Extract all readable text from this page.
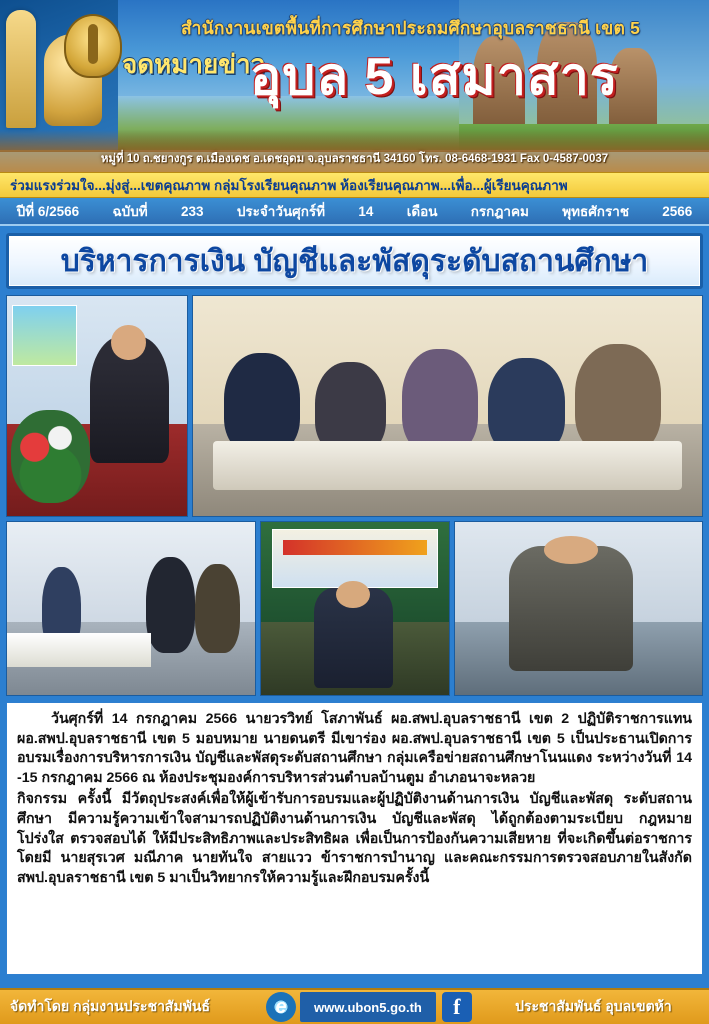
สำนักงานเขตพื้นที่การศึกษาประถมศึกษาอุบลราชธานี เขต 5
จดหมายข่าว
อุบล 5 เสมาสาร
หมู่ที่ 10 ถ.ชยางกูร ต.เมืองเดช อ.เดชอุดม จ.อุบลราชธานี 34160 โทร. 08-6468-1931 Fax 0-4587-0037
ร่วมแรงร่วมใจ...มุ่งสู่...เขตคุณภาพ กลุ่มโรงเรียนคุณภาพ ห้องเรียนคุณภาพ...เพื่อ...ผู้เรียนคุณภาพ
ปีที่ 6/2566 ฉบับที่ 233 ประจำวันศุกร์ที่ 14 เดือน กรกฎาคม พุทธศักราช 2566
บริหารการเงิน บัญชีและพัสดุระดับสถานศึกษา

วันศุกร์ที่ 14 กรกฎาคม 2566 นายวรวิทย์ โสภาพันธ์ ผอ.สพป.อุบลราชธานี เขต 2 ปฏิบัติราชการแทน ผอ.สพป.อุบลราชธานี เขต 5 มอบหมาย นายดนตรี มีเขาร่อง ผอ.สพป.อุบลราชธานี เขต 5 เป็นประธานเปิดการอบรมเรื่องการบริหารการเงิน บัญชีและพัสดุระดับสถานศึกษา กลุ่มเครือข่ายสถานศึกษาโนนแดง ระหว่างวันที่ 14 -15 กรกฎาคม 2566 ณ ห้องประชุมองค์การบริหารส่วนตำบลบ้านตูม อำเภอนาจะหลวย

กิจกรรม ครั้งนี้ มีวัตถุประสงค์เพื่อให้ผู้เข้ารับการอบรมและผู้ปฏิบัติงานด้านการเงิน บัญชีและพัสดุ ระดับสถานศึกษา มีความรู้ความเข้าใจสามารถปฏิบัติงานด้านการเงิน บัญชีและพัสดุ ได้ถูกต้องตามระเบียบ กฎหมาย โปร่งใส ตรวจสอบได้ ให้มีประสิทธิภาพและประสิทธิผล เพื่อเป็นการป้องกันความเสียหาย ที่จะเกิดขึ้นต่อราชการ โดยมี นายสุรเวศ มณีภาค นายทันใจ สายแวว ข้าราชการบำนาญ และคณะกรรมการตรวจสอบภายในสังกัด สพป.อุบลราชธานี เขต 5 มาเป็นวิทยากรให้ความรู้และฝึกอบรมครั้งนี้

จัดทำโดย กลุ่มงานประชาสัมพันธ์ e	www.ubon5.go.th f	ประชาสัมพันธ์ อุบลเขตห้า
